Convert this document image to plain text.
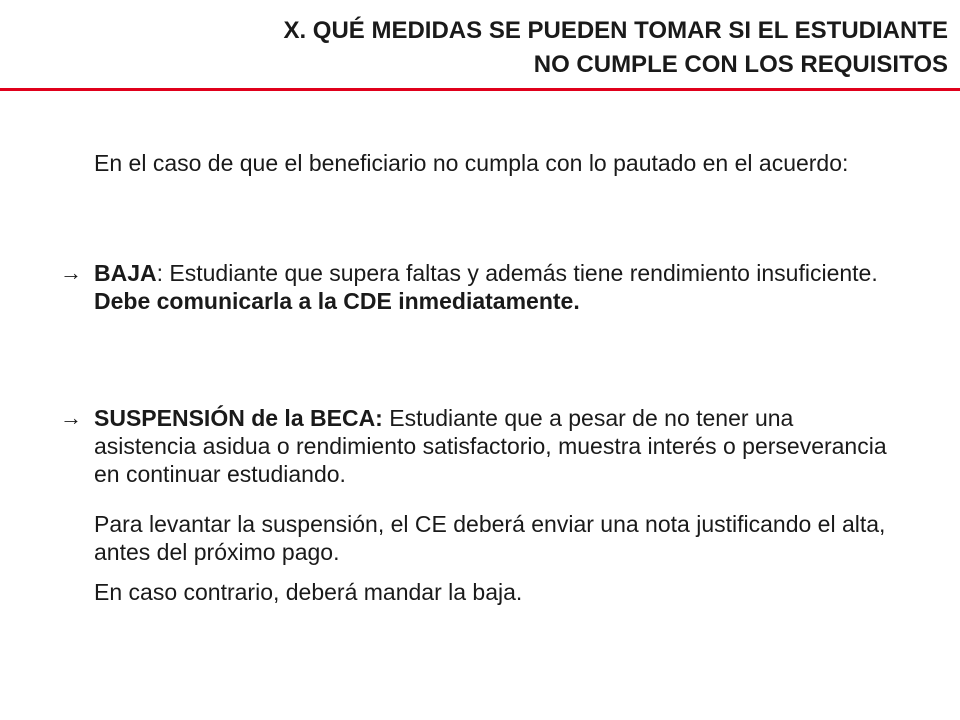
X. QUÉ MEDIDAS SE PUEDEN TOMAR SI EL ESTUDIANTE
NO CUMPLE CON LOS REQUISITOS
En el caso de que el beneficiario no cumpla con lo pautado en el acuerdo:
→ BAJA: Estudiante que supera faltas y además tiene rendimiento insuficiente. Debe comunicarla a la CDE inmediatamente.
→ SUSPENSIÓN de la BECA: Estudiante que a pesar de no tener una asistencia asidua o rendimiento satisfactorio, muestra interés o perseverancia en continuar estudiando.
Para levantar la suspensión, el CE deberá enviar una nota justificando el alta, antes del próximo pago.
En caso contrario, deberá mandar la baja.
